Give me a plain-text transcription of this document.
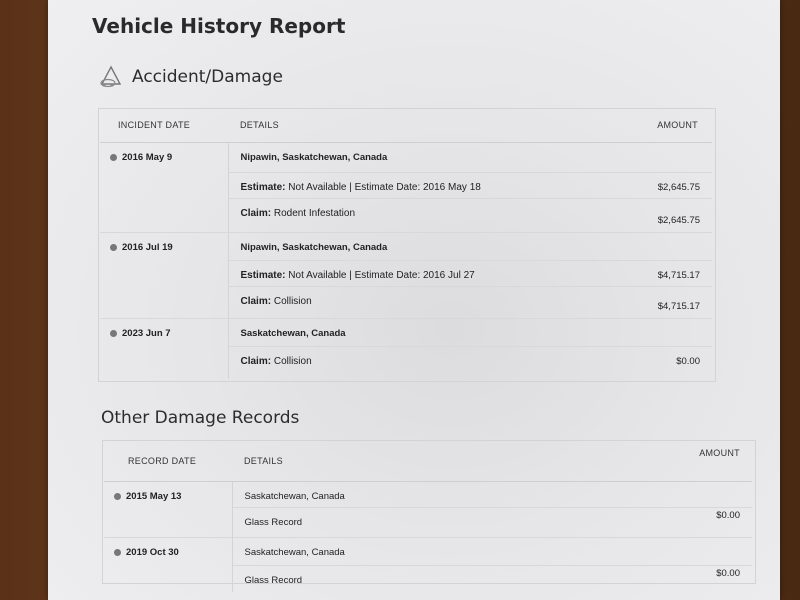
Vehicle History Report
Accident/Damage
INCIDENT DATE	DETAILS	AMOUNT
2016 May 9	Nipawin, Saskatchewan, Canada	
	Estimate: Not Available | Estimate Date: 2016 May 18	$2,645.75
	Claim: Rodent Infestation	$2,645.75
2016 Jul 19	Nipawin, Saskatchewan, Canada	
	Estimate: Not Available | Estimate Date: 2016 Jul 27	$4,715.17
	Claim: Collision	$4,715.17
2023 Jun 7	Saskatchewan, Canada	
	Claim: Collision	$0.00
Other Damage Records
RECORD DATE	DETAILS	AMOUNT
2015 May 13	Saskatchewan, Canada	
	Glass Record	$0.00
2019 Oct 30	Saskatchewan, Canada	
	Glass Record	$0.00
